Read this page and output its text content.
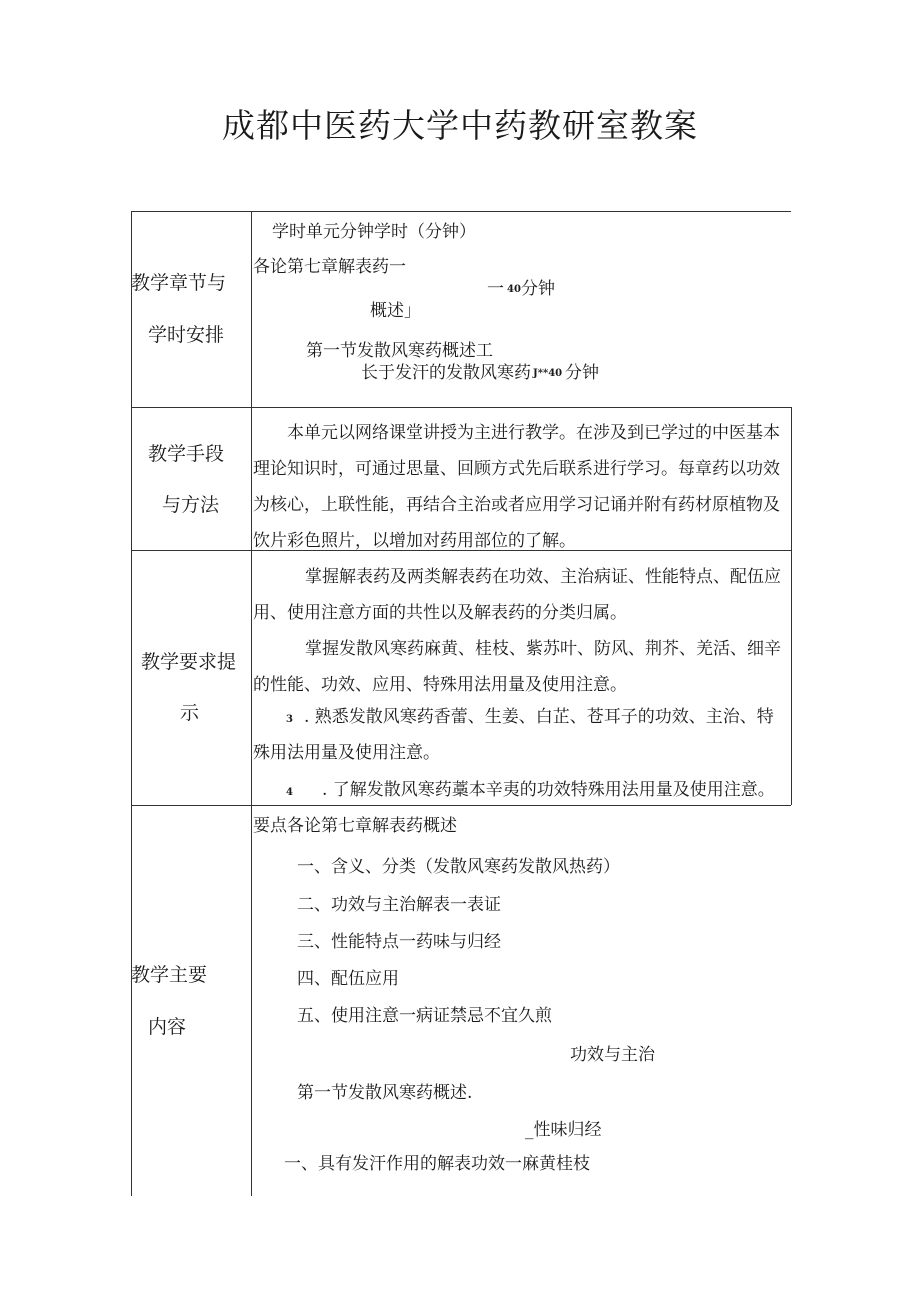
成都中医药大学中药教研室教案
教学章节与
学时安排
学时单元分钟学时（分钟）
各论第七章解表药一
一 40 分钟
概述」
第一节发散风寒药概述工
长于发汗的发散风寒药 J**40 分钟
教学手段
与方法
本单元以网络课堂讲授为主进行教学。在涉及到已学过的中医基本理论知识时，可通过思量、回顾方式先后联系进行学习。每章药以功效为核心，上联性能，再结合主治或者应用学习记诵并附有药材原植物及饮片彩色照片，以增加对药用部位的了解。
教学要求提
示
掌握解表药及两类解表药在功效、主治病证、性能特点、配伍应用、使用注意方面的共性以及解表药的分类归属。
掌握发散风寒药麻黄、桂枝、紫苏叶、防风、荆芥、羌活、细辛的性能、功效、应用、特殊用法用量及使用注意。
3 . 熟悉发散风寒药香蕾、生姜、白芷、苍耳子的功效、主治、特
殊用法用量及使用注意。
4 . 了解发散风寒药藁本辛夷的功效特殊用法用量及使用注意。
教学主要
内容
要点各论第七章解表药概述
一、含义、分类（发散风寒药发散风热药）
二、功效与主治解表一表证
三、性能特点一药味与归经
四、配伍应用
五、使用注意一病证禁忌不宜久煎
功效与主治
第一节发散风寒药概述.
_性味归经
一、具有发汗作用的解表功效一麻黄桂枝
